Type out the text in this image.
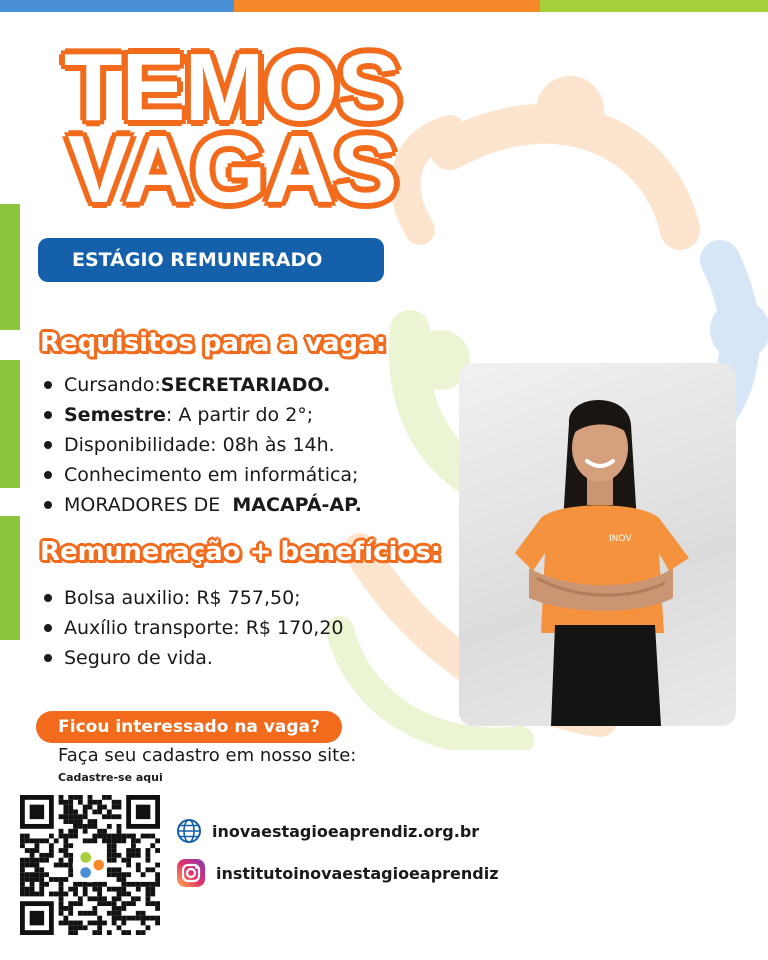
TEMOS
VAGAS
ESTÁGIO REMUNERADO
Requisitos para a vaga:
Cursando: SECRETARIADO.
Semestre : A partir do 2°;
Disponibilidade: 08h às 14h.
Conhecimento em informática;
MORADORES DE MACAPÁ-AP.
Remuneração + benefícios:
Bolsa auxilio: R$ 757,50;
Auxílio transporte: R$ 170,20
Seguro de vida.
INOV
Ficou interessado na vaga?
Faça seu cadastro em nosso site:
Cadastre-se aqui
inovaestagioeaprendiz.org.br
institutoinovaestagioeaprendiz
